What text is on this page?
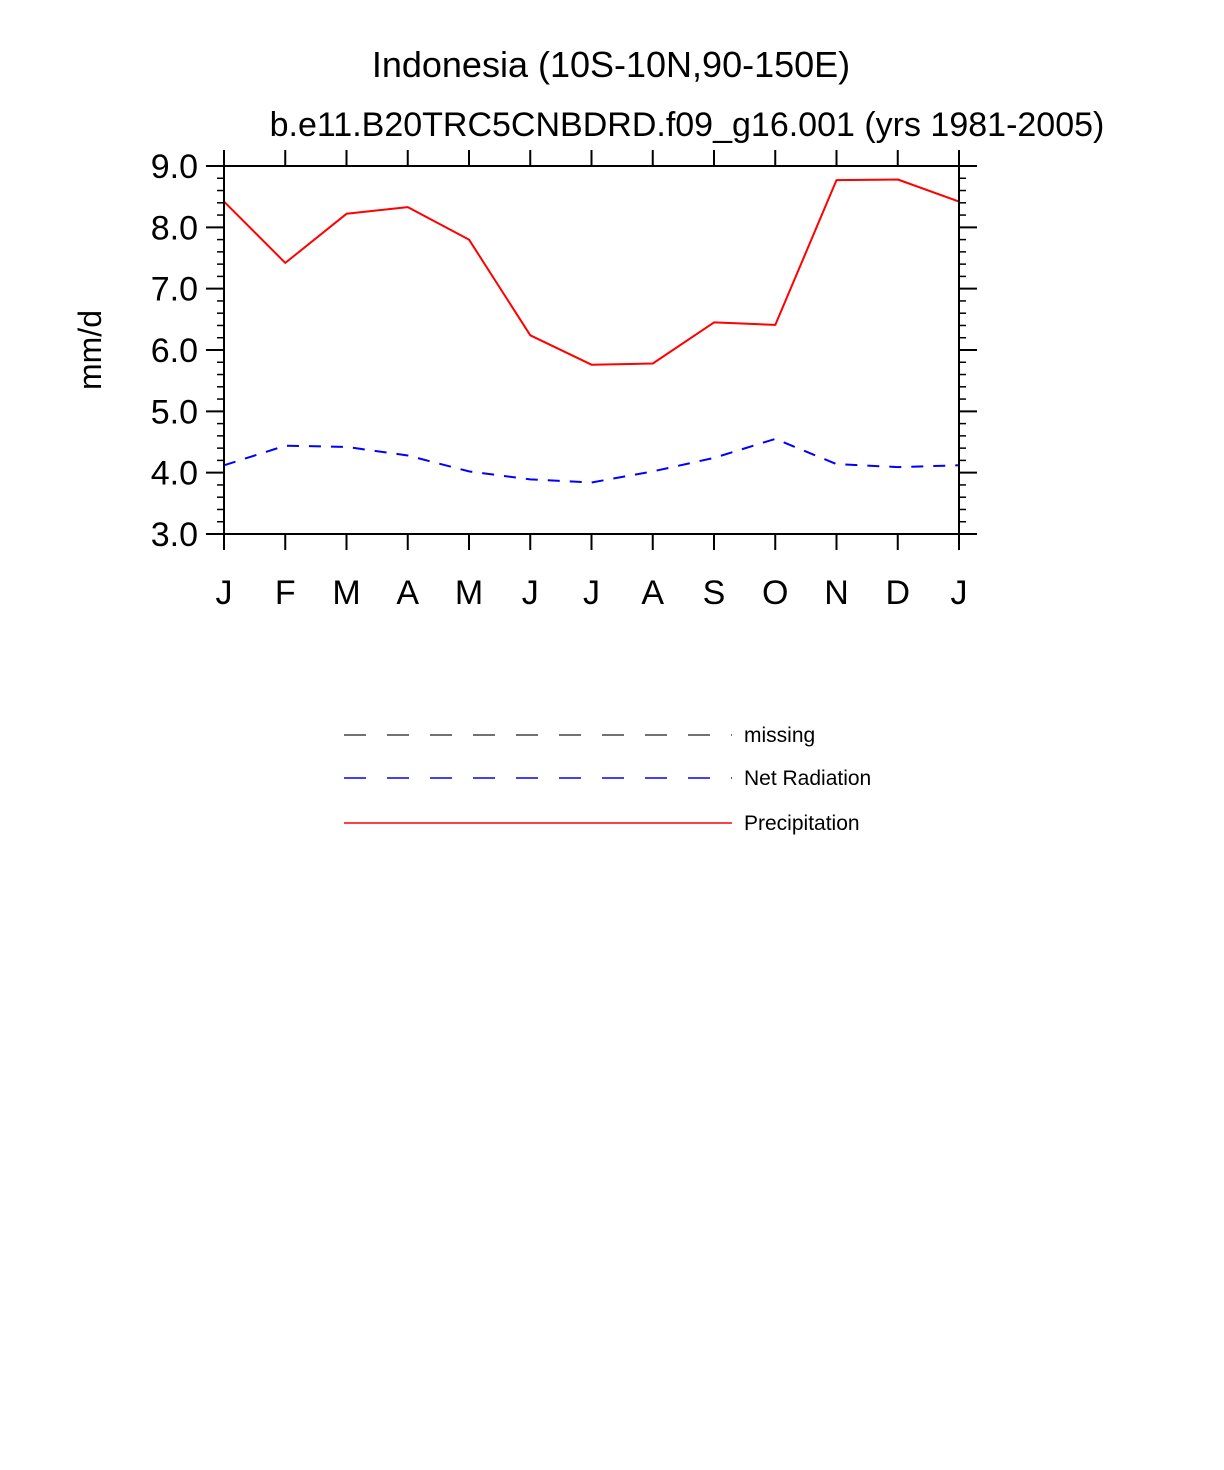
Indonesia (10S-10N,90-150E)
b.e11.B20TRC5CNBDRD.f09_g16.001 (yrs 1981-2005)
mm/d
3.0
4.0
5.0
6.0
7.0
8.0
9.0
J F M A M J J A S O N D J
missing
Net Radiation
Precipitation
